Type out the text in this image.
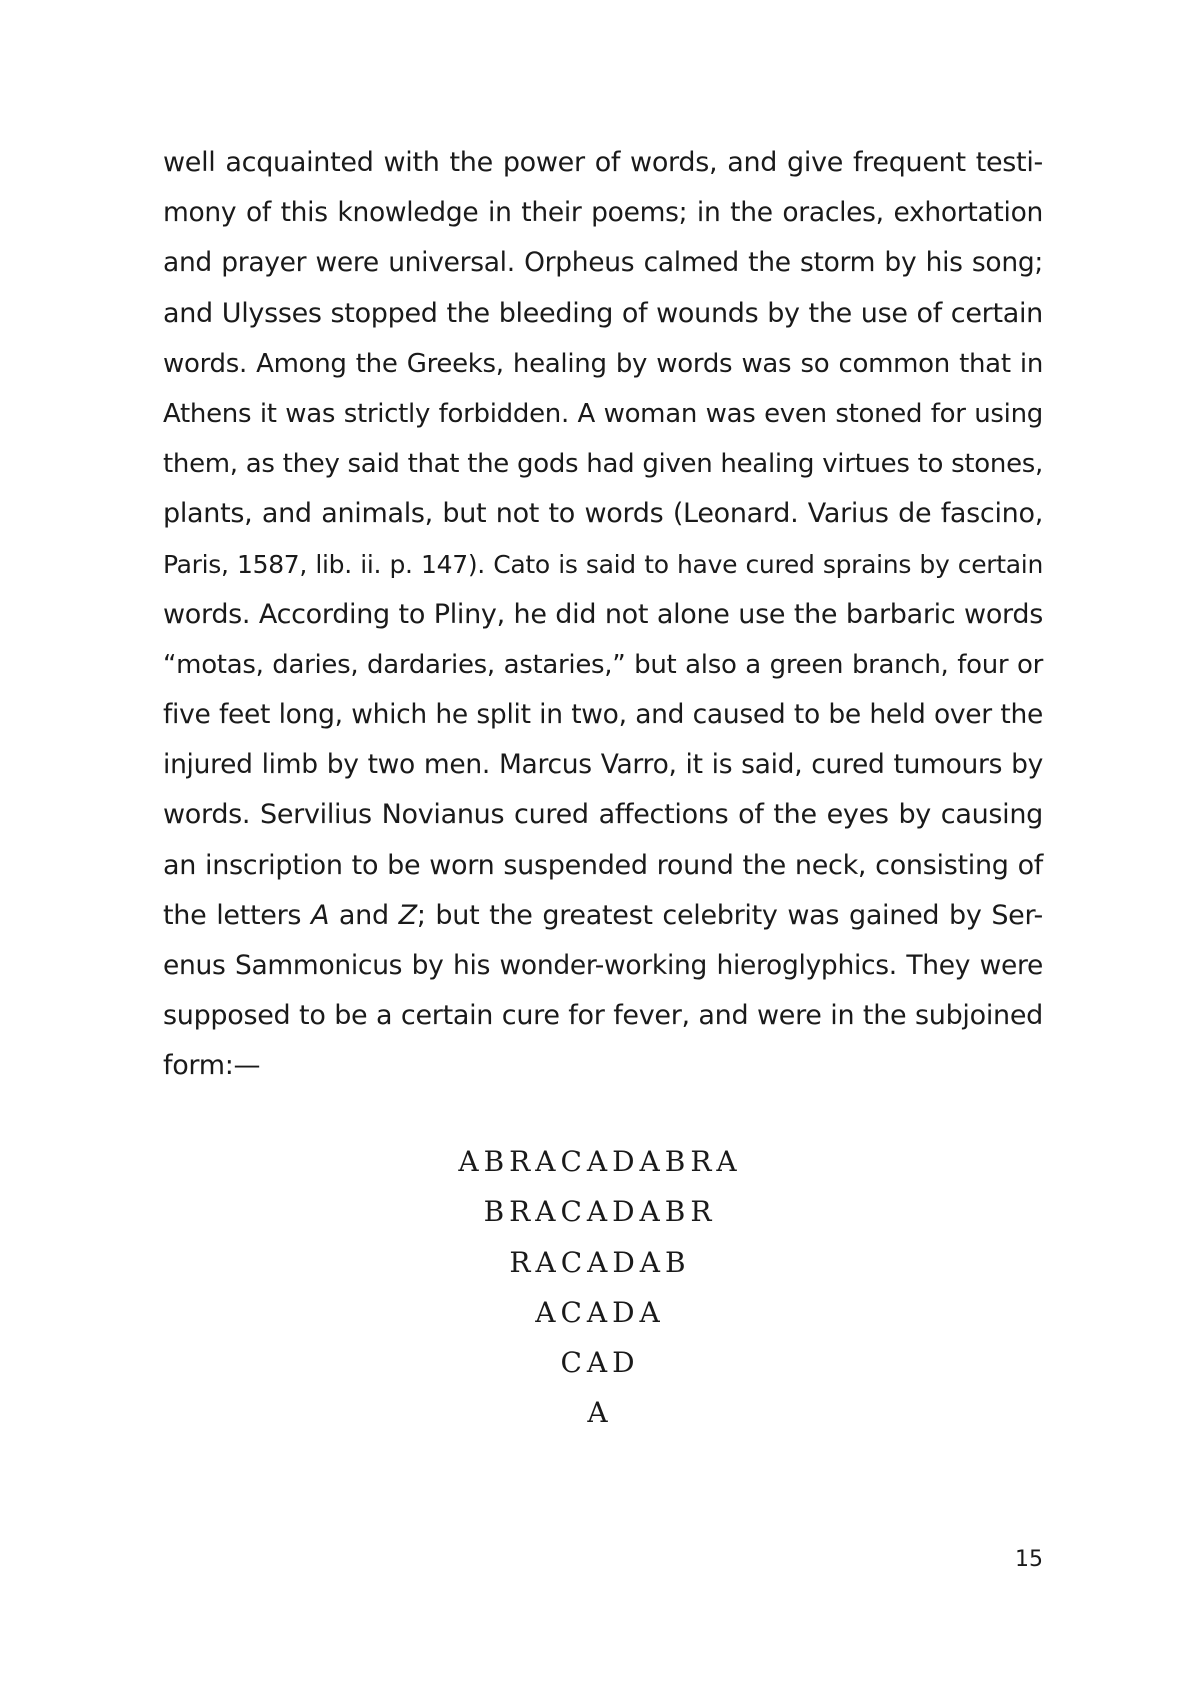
well acquainted with the power of words, and give frequent testi-
mony of this knowledge in their poems; in the oracles, exhortation
and prayer were universal. Orpheus calmed the storm by his song;
and Ulysses stopped the bleeding of wounds by the use of certain
words. Among the Greeks, healing by words was so common that in
Athens it was strictly forbidden. A woman was even stoned for using
them, as they said that the gods had given healing virtues to stones,
plants, and animals, but not to words (Leonard. Varius de fascino,
Paris, 1587, lib. ii. p. 147). Cato is said to have cured sprains by certain
words. According to Pliny, he did not alone use the barbaric words
“motas, daries, dardaries, astaries,” but also a green branch, four or
five feet long, which he split in two, and caused to be held over the
injured limb by two men. Marcus Varro, it is said, cured tumours by
words. Servilius Novianus cured affections of the eyes by causing
an inscription to be worn suspended round the neck, consisting of
the letters A and Z; but the greatest celebrity was gained by Ser-
enus Sammonicus by his wonder-working hieroglyphics. They were
supposed to be a certain cure for fever, and were in the subjoined
form:—
ABRACADABRA
BRACADABR
RACADAB
ACADA
CAD
A
15
